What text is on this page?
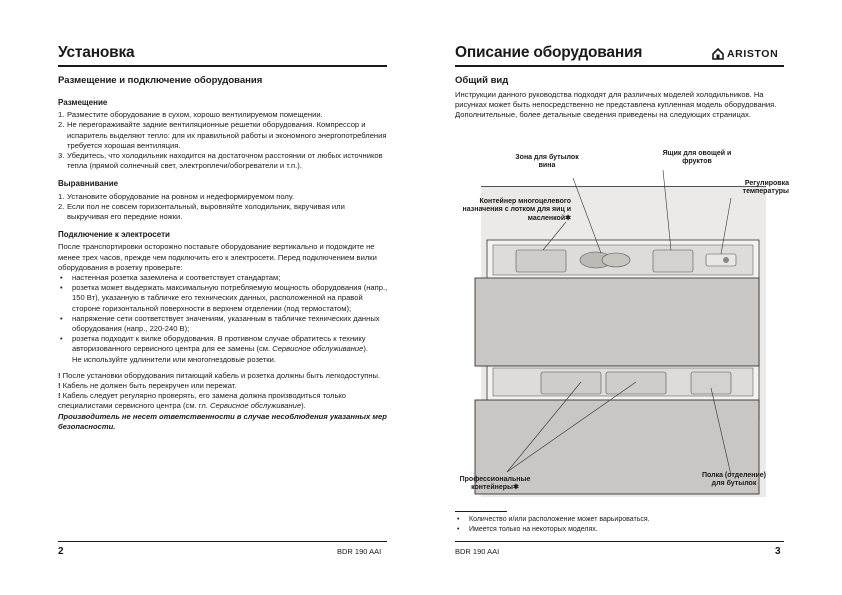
Установка
Размещение и подключение оборудования
Размещение
1. Разместите оборудование в сухом, хорошо вентилируемом помещении.
2. Не перегораживайте задние вентиляционные решетки оборудования. Компрессор и испаритель выделяют тепло: для их правильной работы и экономного энергопотребления требуется хорошая вентиляция.
3. Убедитесь, что холодильник находится на достаточном расстоянии от любых источников тепла (прямой солнечный свет, электроплечи/обогреватели и т.п.).
Выравнивание
1. Установите оборудование на ровном и недеформируемом полу.
2. Если пол не совсем горизонтальный, выровняйте холодильник, вкручивая или выкручивая его передние ножки.
Подключение к электросети

После транспортировки осторожно поставьте оборудование вертикально и подождите не менее трех часов, прежде чем подключить его к электросети. Перед подключением вилки оборудования в розетку проверьте:

•	настенная розетка заземлена и соответствует стандартам;
•	розетка может выдержать максимальную потребляемую мощность оборудования (напр., 150 Вт), указанную в табличке его технических данных, расположенной на правой стороне горизонтальной поверхности в верхнем отделении (под термостатом);
•	напряжение сети соответствует значениям, указанным в табличке технических данных оборудования (напр., 220-240 В);
•	розетка подходит к вилке оборудования. В противном случае обратитесь к технику авторизованного сервисного центра для ее замены (см. Сервисное обслуживание).
Не используйте удлинители или многогнездовые розетки.

! После установки оборудования питающий кабель и розетка должны быть легкодоступны.

! Кабель не должен быть перекручен или пережат.

! Кабель следует регулярно проверять, его замена должна производиться только специалистами сервисного центра (см. гл. Сервисное обслуживание).

Производитель не несет ответственности в случае несоблюдения указанных мер безопасности.

2	BDR 190 AAI
Описание оборудования	ARISTON
Общий вид
Инструкции данного руководства подходят для различных моделей холодильников. На рисунках может быть непосредственно не представлена купленная модель оборудования. Дополнительные, более детальные сведения приведены на следующих страницах.
Зона для бутылок вина
Ящик для овощей и фруктов
Регулировка температуры
Контейнер многоцелевого назначения с лотком для яиц и масленкой✱
Профессиональные контейнеры✱
Полка (отделение) для бутылок
•	Количество и/или расположение может варьироваться.
•	Имеется только на некоторых моделях.
BDR 190 AAI	3
